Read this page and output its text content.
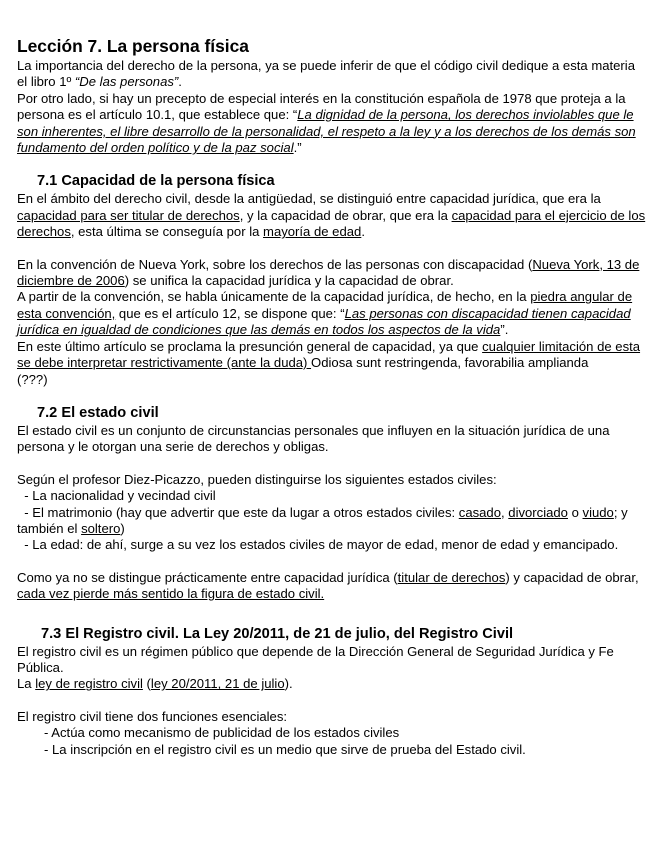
Lección 7. La persona física

La importancia del derecho de la persona, ya se puede inferir de que el código civil dedique a esta materia el libro 1º “De las personas”.

Por otro lado, si hay un precepto de especial interés en la constitución española de 1978 que proteja a la persona es el artículo 10.1, que establece que: “La dignidad de la persona, los derechos inviolables que le son inherentes, el libre desarrollo de la personalidad, el respeto a la ley y a los derechos de los demás son fundamento del orden político y de la paz social.”

7.1 Capacidad de la persona física

En el ámbito del derecho civil, desde la antigüedad, se distinguió entre capacidad jurídica, que era la capacidad para ser titular de derechos, y la capacidad de obrar, que era la capacidad para el ejercicio de los derechos, esta última se conseguía por la mayoría de edad.

En la convención de Nueva York, sobre los derechos de las personas con discapacidad (Nueva York, 13 de diciembre de 2006) se unifica la capacidad jurídica y la capacidad de obrar.

A partir de la convención, se habla únicamente de la capacidad jurídica, de hecho, en la piedra angular de esta convención, que es el artículo 12, se dispone que: “Las personas con discapacidad tienen capacidad jurídica en igualdad de condiciones que las demás en todos los aspectos de la vida”.

En este último artículo se proclama la presunción general de capacidad, ya que cualquier limitación de esta se debe interpretar restrictivamente (ante la duda) Odiosa sunt restringenda, favorabilia amplianda

(???)

7.2 El estado civil

El estado civil es un conjunto de circunstancias personales que influyen en la situación jurídica de una persona y le otorgan una serie de derechos y obligas.

Según el profesor Diez-Picazzo, pueden distinguirse los siguientes estados civiles:

- La nacionalidad y vecindad civil

- El matrimonio (hay que advertir que este da lugar a otros estados civiles: casado, divorciado o viudo; y también el soltero)

- La edad: de ahí, surge a su vez los estados civiles de mayor de edad, menor de edad y emancipado.

Como ya no se distingue prácticamente entre capacidad jurídica (titular de derechos) y capacidad de obrar, cada vez pierde más sentido la figura de estado civil.

7.3 El Registro civil. La Ley 20/2011, de 21 de julio, del Registro Civil

El registro civil es un régimen público que depende de la Dirección General de Seguridad Jurídica y Fe Pública.

La ley de registro civil (ley 20/2011, 21 de julio).

El registro civil tiene dos funciones esenciales:

- Actúa como mecanismo de publicidad de los estados civiles

- La inscripción en el registro civil es un medio que sirve de prueba del Estado civil.
